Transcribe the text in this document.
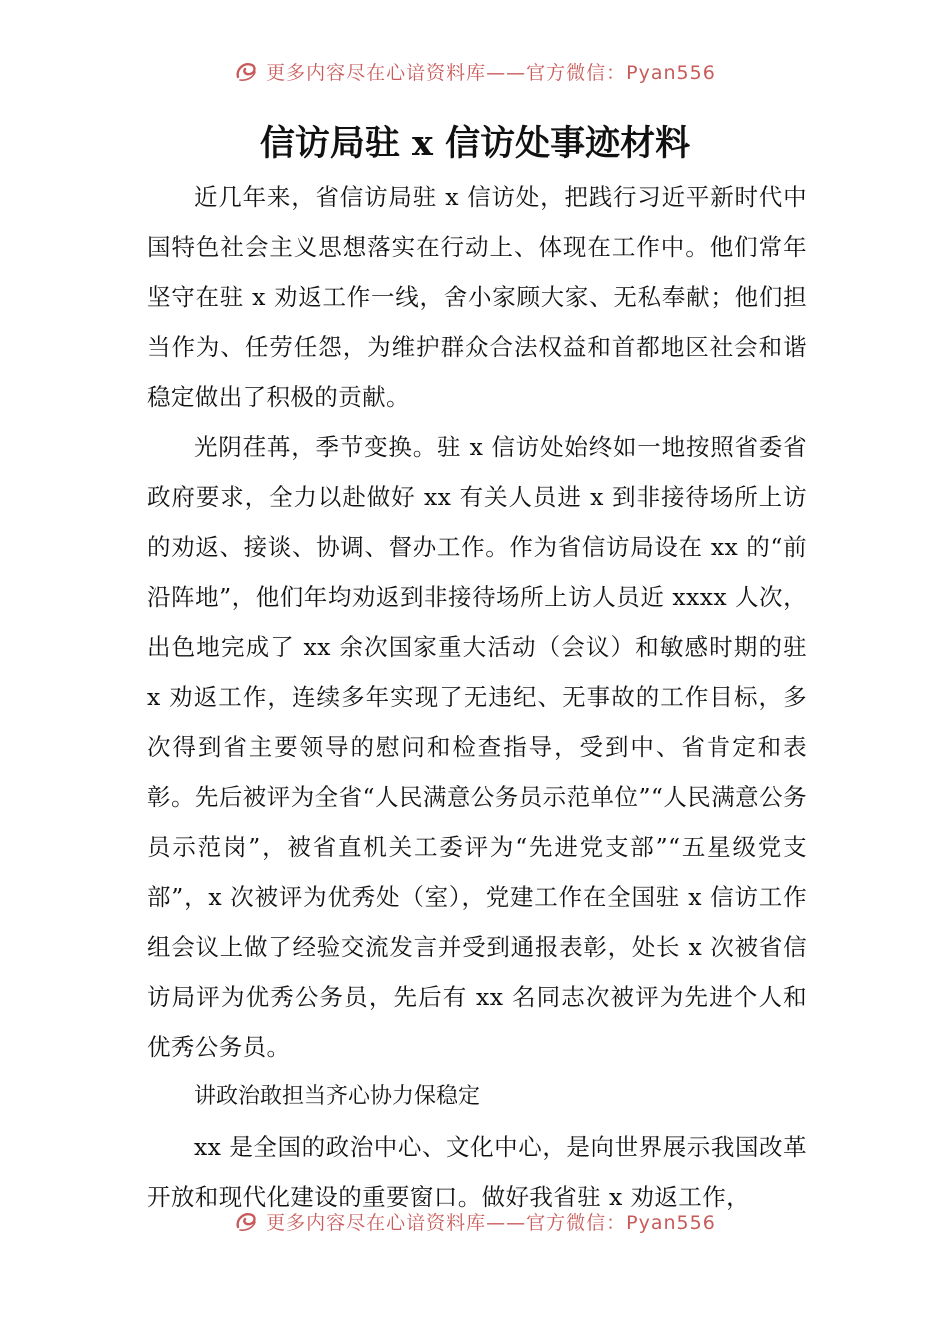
更多内容尽在心谙资料库——官方微信：Pyan556
信访局驻 x 信访处事迹材料

近几年来，省信访局驻 x 信访处，把践行习近平新时代中国特色社会主义思想落实在行动上、体现在工作中。他们常年坚守在驻 x 劝返工作一线，舍小家顾大家、无私奉献；他们担当作为、任劳任怨，为维护群众合法权益和首都地区社会和谐稳定做出了积极的贡献。

光阴荏苒，季节变换。驻 x 信访处始终如一地按照省委省政府要求，全力以赴做好 xx 有关人员进 x 到非接待场所上访的劝返、接谈、协调、督办工作。作为省信访局设在 xx 的“前沿阵地”，他们年均劝返到非接待场所上访人员近 xxxx 人次，出色地完成了 xx 余次国家重大活动（会议）和敏感时期的驻 x 劝返工作，连续多年实现了无违纪、无事故的工作目标，多次得到省主要领导的慰问和检查指导，受到中、省肯定和表彰。先后被评为全省“人民满意公务员示范单位”“人民满意公务员示范岗”，被省直机关工委评为“先进党支部”“五星级党支部”，x 次被评为优秀处（室），党建工作在全国驻 x 信访工作组会议上做了经验交流发言并受到通报表彰，处长 x 次被省信访局评为优秀公务员，先后有 xx 名同志次被评为先进个人和优秀公务员。

讲政治敢担当齐心协力保稳定

xx 是全国的政治中心、文化中心，是向世界展示我国改革开放和现代化建设的重要窗口。做好我省驻 x 劝返工作，

更多内容尽在心谙资料库——官方微信：Pyan556
